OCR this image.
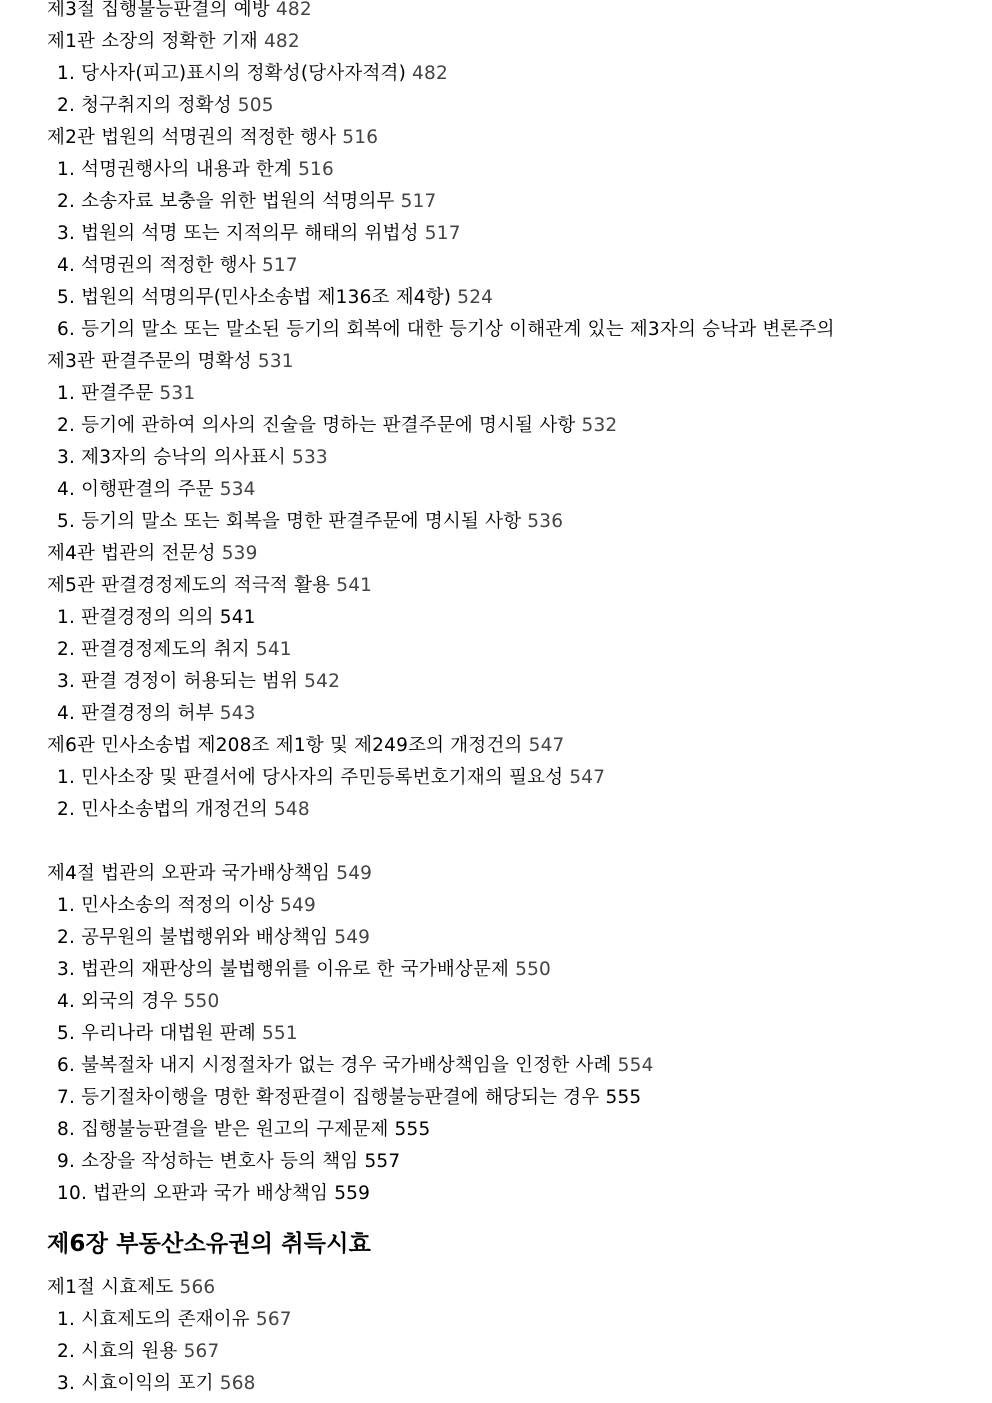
제3절 집행불능판결의 예방 482
제1관 소장의 정확한 기재 482
1. 당사자(피고)표시의 정확성(당사자적격) 482
2. 청구취지의 정확성 505
제2관 법원의 석명권의 적정한 행사 516
1. 석명권행사의 내용과 한계 516
2. 소송자료 보충을 위한 법원의 석명의무 517
3. 법원의 석명 또는 지적의무 해태의 위법성 517
4. 석명권의 적정한 행사 517
5. 법원의 석명의무(민사소송법 제136조 제4항) 524
6. 등기의 말소 또는 말소된 등기의 회복에 대한 등기상 이해관계 있는 제3자의 승낙과 변론주의
제3관 판결주문의 명확성 531
1. 판결주문 531
2. 등기에 관하여 의사의 진술을 명하는 판결주문에 명시될 사항 532
3. 제3자의 승낙의 의사표시 533
4. 이행판결의 주문 534
5. 등기의 말소 또는 회복을 명한 판결주문에 명시될 사항 536
제4관 법관의 전문성 539
제5관 판결경정제도의 적극적 활용 541
1. 판결경정의 의의 541
2. 판결경정제도의 취지 541
3. 판결 경정이 허용되는 범위 542
4. 판결경정의 허부 543
제6관 민사소송법 제208조 제1항 및 제249조의 개정건의 547
1. 민사소장 및 판결서에 당사자의 주민등록번호기재의 필요성 547
2. 민사소송법의 개정건의 548
제4절 법관의 오판과 국가배상책임 549
1. 민사소송의 적정의 이상 549
2. 공무원의 불법행위와 배상책임 549
3. 법관의 재판상의 불법행위를 이유로 한 국가배상문제 550
4. 외국의 경우 550
5. 우리나라 대법원 판례 551
6. 불복절차 내지 시정절차가 없는 경우 국가배상책임을 인정한 사례 554
7. 등기절차이행을 명한 확정판결이 집행불능판결에 해당되는 경우 555
8. 집행불능판결을 받은 원고의 구제문제 555
9. 소장을 작성하는 변호사 등의 책임 557
10. 법관의 오판과 국가 배상책임 559
제6장 부동산소유권의 취득시효
제1절 시효제도 566
1. 시효제도의 존재이유 567
2. 시효의 원용 567
3. 시효이익의 포기 568
